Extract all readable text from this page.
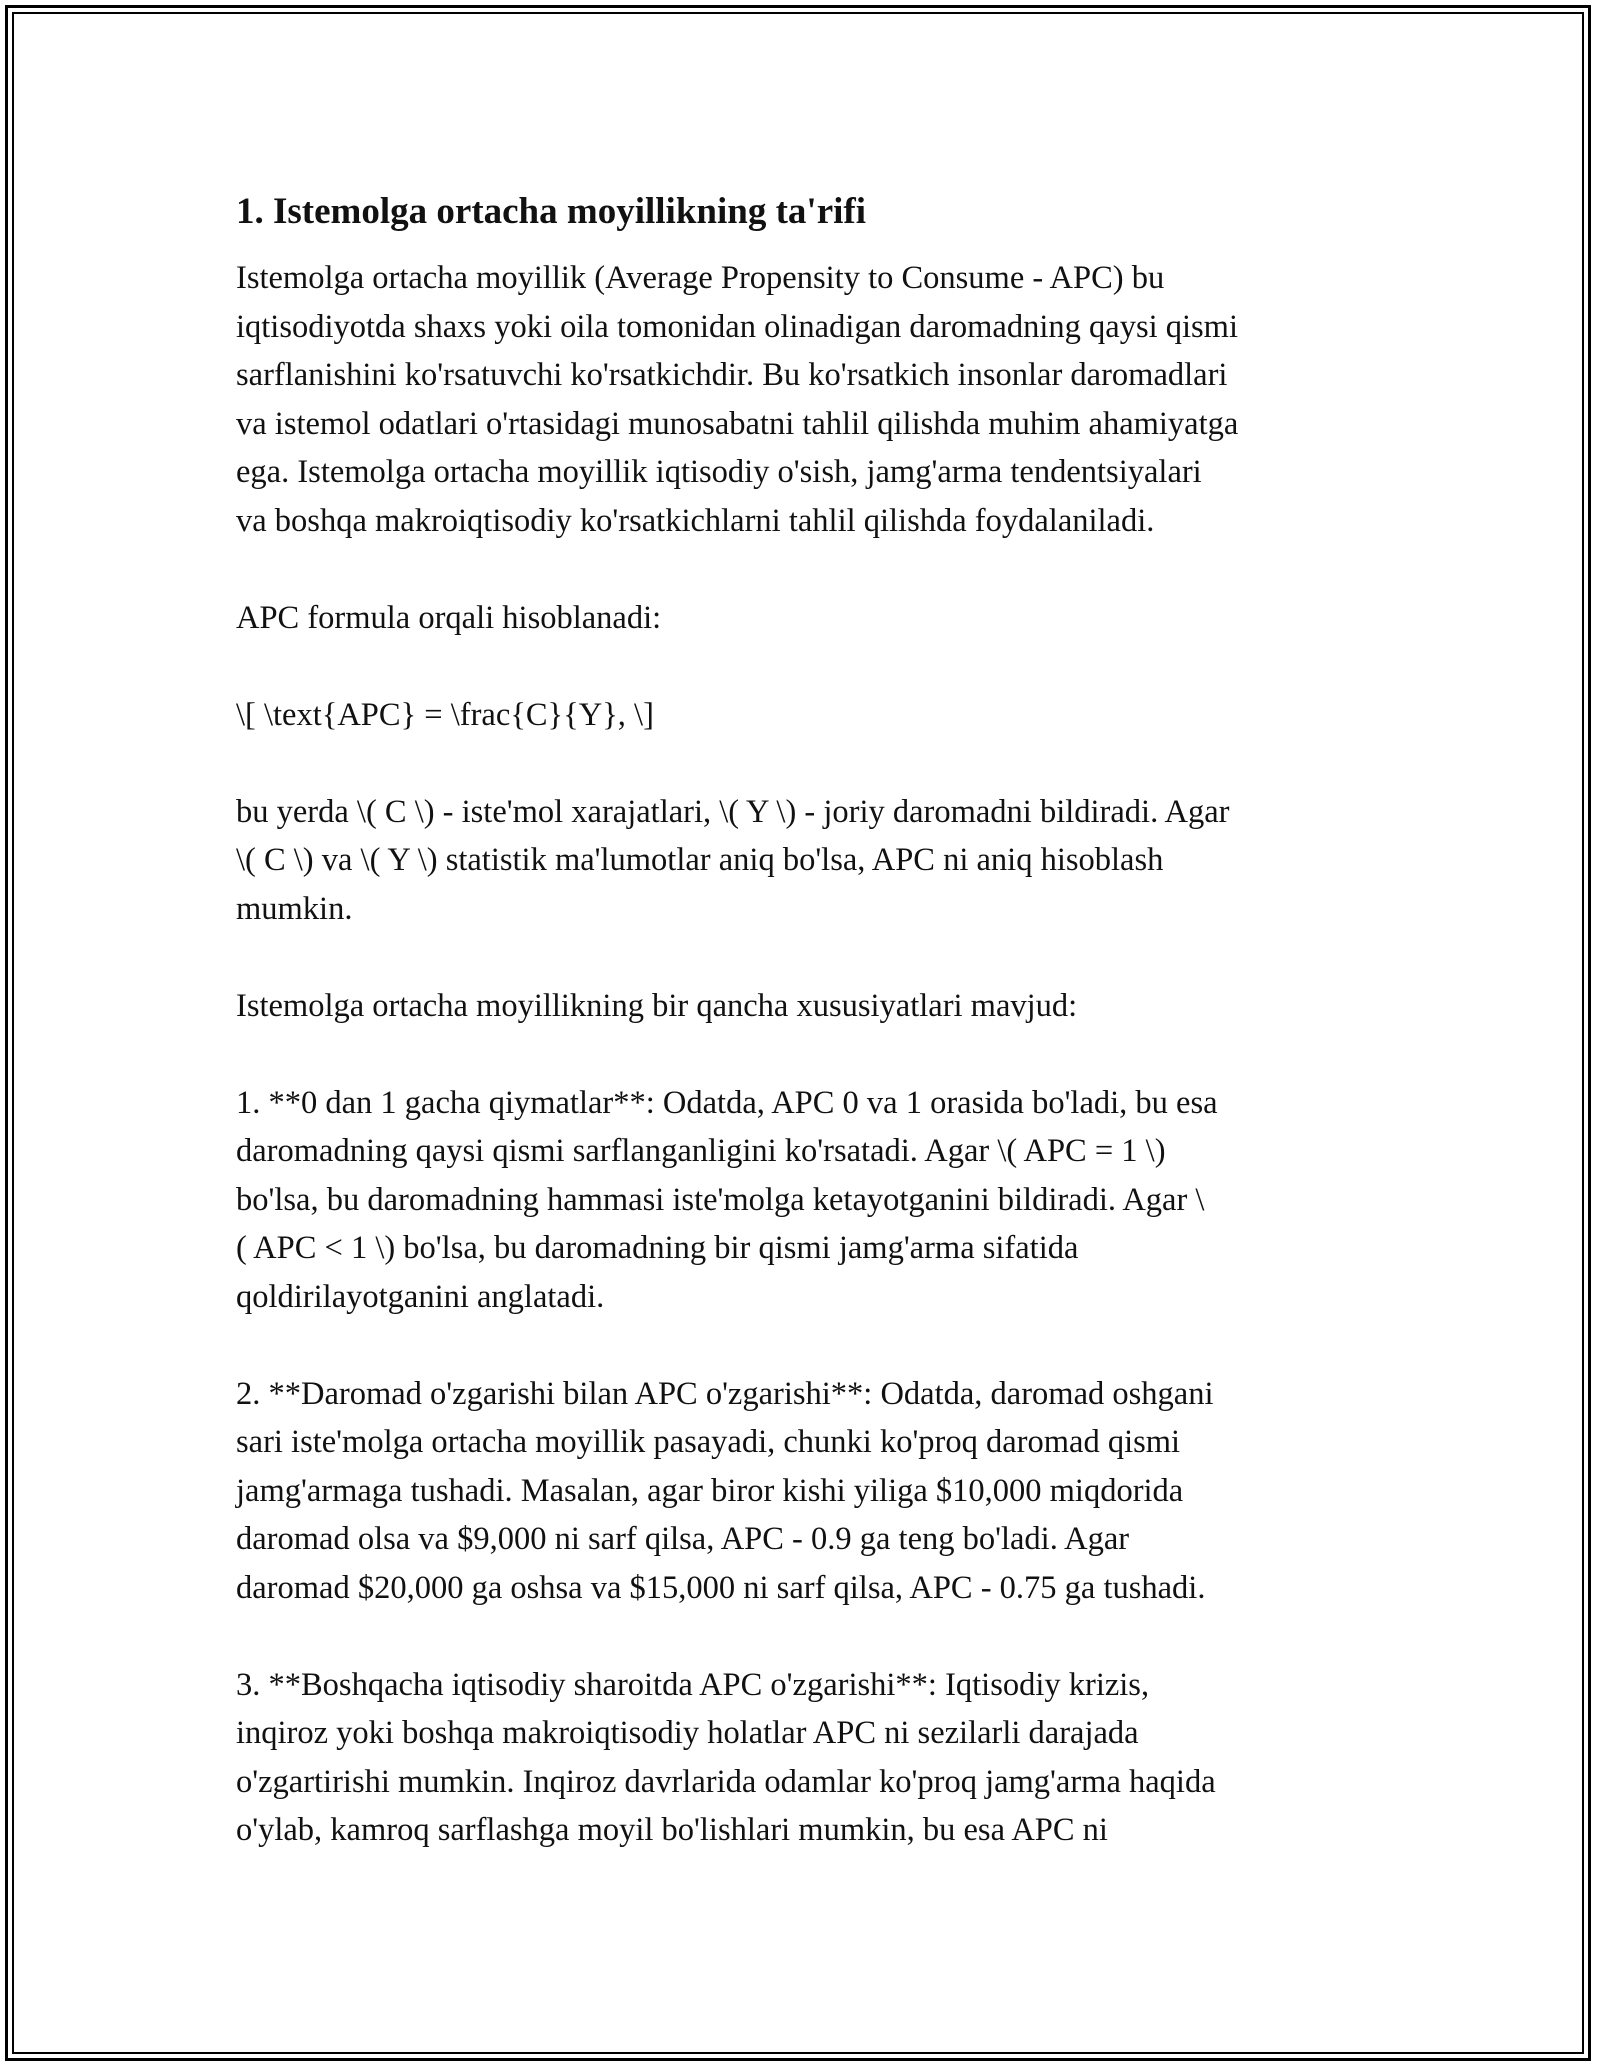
1. Istemolga ortacha moyillikning ta'rifi
Istemolga ortacha moyillik (Average Propensity to Consume - APC) bu
iqtisodiyotda shaxs yoki oila tomonidan olinadigan daromadning qaysi qismi
sarflanishini ko'rsatuvchi ko'rsatkichdir. Bu ko'rsatkich insonlar daromadlari
va istemol odatlari o'rtasidagi munosabatni tahlil qilishda muhim ahamiyatga
ega. Istemolga ortacha moyillik iqtisodiy o'sish, jamg'arma tendentsiyalari
va boshqa makroiqtisodiy ko'rsatkichlarni tahlil qilishda foydalaniladi.
APC formula orqali hisoblanadi:
\[ \text{APC} = \frac{C}{Y}, \]
bu yerda \( C \) - iste'mol xarajatlari, \( Y \) - joriy daromadni bildiradi. Agar
\( C \) va \( Y \) statistik ma'lumotlar aniq bo'lsa, APC ni aniq hisoblash
mumkin.
Istemolga ortacha moyillikning bir qancha xususiyatlari mavjud:
1. **0 dan 1 gacha qiymatlar**: Odatda, APC 0 va 1 orasida bo'ladi, bu esa
daromadning qaysi qismi sarflanganligini ko'rsatadi. Agar \( APC = 1 \)
bo'lsa, bu daromadning hammasi iste'molga ketayotganini bildiradi. Agar \
( APC < 1 \) bo'lsa, bu daromadning bir qismi jamg'arma sifatida
qoldirilayotganini anglatadi.
2. **Daromad o'zgarishi bilan APC o'zgarishi**: Odatda, daromad oshgani
sari iste'molga ortacha moyillik pasayadi, chunki ko'proq daromad qismi
jamg'armaga tushadi. Masalan, agar biror kishi yiliga $10,000 miqdorida
daromad olsa va $9,000 ni sarf qilsa, APC - 0.9 ga teng bo'ladi. Agar
daromad $20,000 ga oshsa va $15,000 ni sarf qilsa, APC - 0.75 ga tushadi.
3. **Boshqacha iqtisodiy sharoitda APC o'zgarishi**: Iqtisodiy krizis,
inqiroz yoki boshqa makroiqtisodiy holatlar APC ni sezilarli darajada
o'zgartirishi mumkin. Inqiroz davrlarida odamlar ko'proq jamg'arma haqida
o'ylab, kamroq sarflashga moyil bo'lishlari mumkin, bu esa APC ni
